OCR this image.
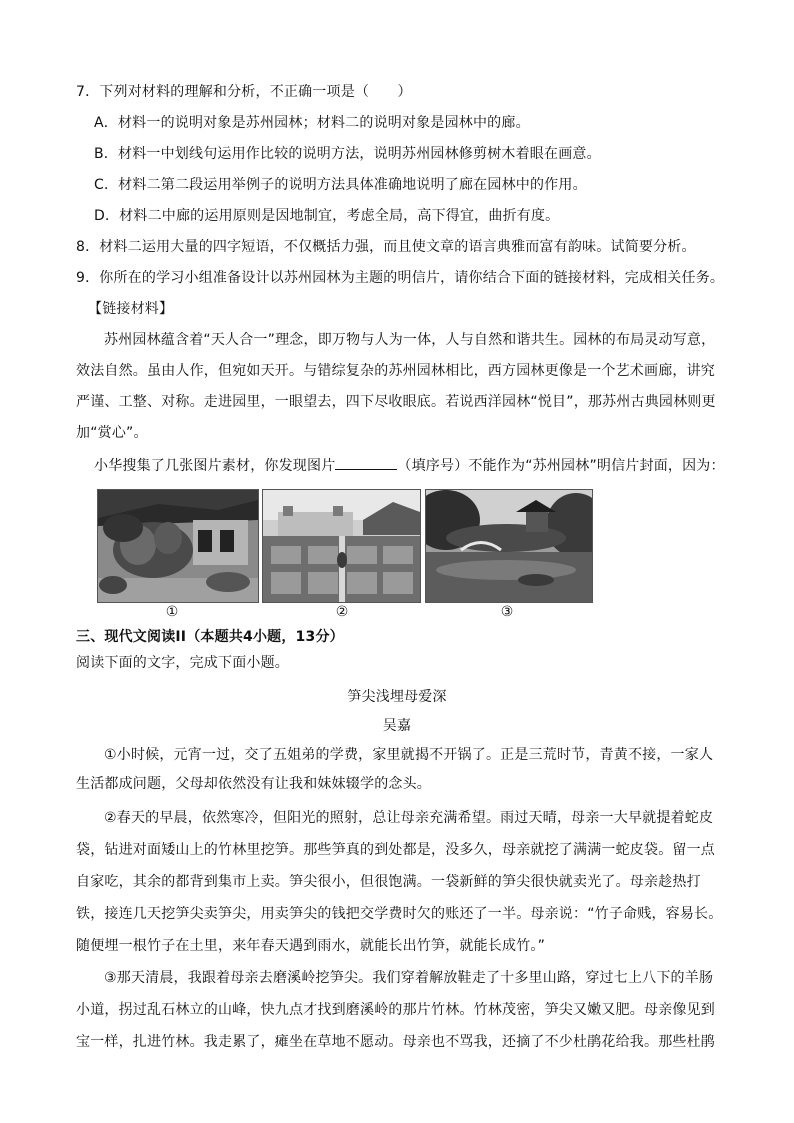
7．下列对材料的理解和分析，不正确一项是（　　）
A．材料一的说明对象是苏州园林；材料二的说明对象是园林中的廊。
B．材料一中划线句运用作比较的说明方法，说明苏州园林修剪树木着眼在画意。
C．材料二第二段运用举例子的说明方法具体准确地说明了廊在园林中的作用。
D．材料二中廊的运用原则是因地制宜，考虑全局，高下得宜，曲折有度。
8．材料二运用大量的四字短语，不仅概括力强，而且使文章的语言典雅而富有韵味。试简要分析。
9．你所在的学习小组准备设计以苏州园林为主题的明信片，请你结合下面的链接材料，完成相关任务。
【链接材料】
苏州园林蕴含着“天人合一”理念，即万物与人为一体，人与自然和谐共生。园林的布局灵动写意，
效法自然。虽由人作，但宛如天开。与错综复杂的苏州园林相比，西方园林更像是一个艺术画廊，讲究
严谨、工整、对称。走进园里，一眼望去，四下尽收眼底。若说西洋园林“悦目”，那苏州古典园林则更
加“赏心”。
小华搜集了几张图片素材，你发现图片	（填序号）不能作为“苏州园林”明信片封面，因为：
①	②	③
三、现代文阅读II（本题共4小题，13分）
阅读下面的文字，完成下面小题。
笋尖浅埋母爱深
吴嘉
①小时候，元宵一过，交了五姐弟的学费，家里就揭不开锅了。正是三荒时节，青黄不接，一家人
生活都成问题，父母却依然没有让我和妹妹辍学的念头。
②春天的早晨，依然寒冷，但阳光的照射，总让母亲充满希望。雨过天晴，母亲一大早就提着蛇皮
袋，钻进对面矮山上的竹林里挖笋。那些笋真的到处都是，没多久，母亲就挖了满满一蛇皮袋。留一点
自家吃，其余的都背到集市上卖。笋尖很小，但很饱满。一袋新鲜的笋尖很快就卖光了。母亲趁热打
铁，接连几天挖笋尖卖笋尖，用卖笋尖的钱把交学费时欠的账还了一半。母亲说：“竹子命贱，容易长。
随便埋一根竹子在土里，来年春天遇到雨水，就能长出竹笋，就能长成竹。”
③那天清晨，我跟着母亲去磨溪岭挖笋尖。我们穿着解放鞋走了十多里山路，穿过七上八下的羊肠
小道，拐过乱石林立的山峰，快九点才找到磨溪岭的那片竹林。竹林茂密，笋尖又嫩又肥。母亲像见到
宝一样，扎进竹林。我走累了，瘫坐在草地不愿动。母亲也不骂我，还摘了不少杜鹃花给我。那些杜鹃
